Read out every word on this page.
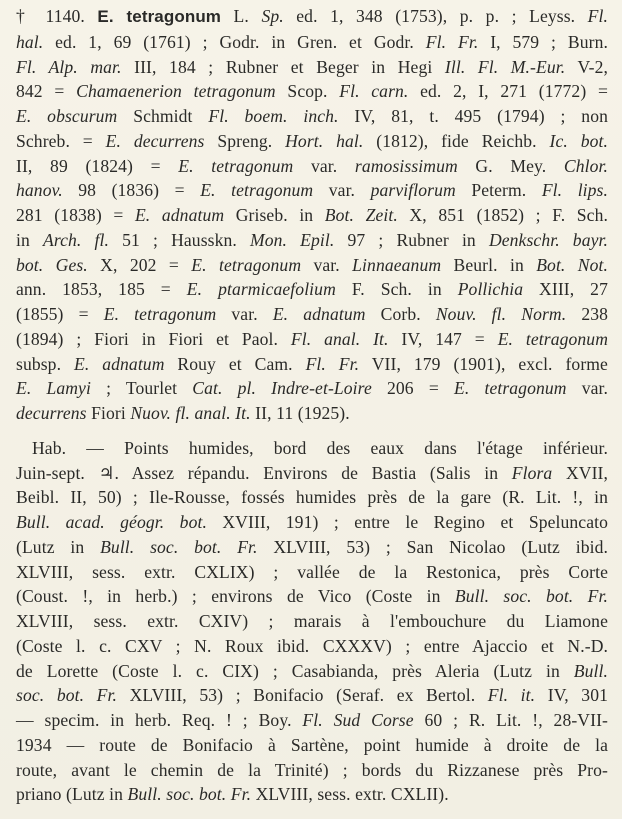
† 1140. E. tetragonum L. Sp. ed. 1, 348 (1753), p. p. ; Leyss. Fl.
hal. ed. 1, 69 (1761) ; Godr. in Gren. et Godr. Fl. Fr. I, 579 ; Burn.
Fl. Alp. mar. III, 184 ; Rubner et Beger in Hegi Ill. Fl. M.-Eur. V-2,
842 = Chamaenerion tetragonum Scop. Fl. carn. ed. 2, I, 271 (1772) =
E. obscurum Schmidt Fl. boem. inch. IV, 81, t. 495 (1794) ; non
Schreb. = E. decurrens Spreng. Hort. hal. (1812), fide Reichb. Ic. bot.
II, 89 (1824) = E. tetragonum var. ramosissimum G. Mey. Chlor.
hanov. 98 (1836) = E. tetragonum var. parviflorum Peterm. Fl. lips.
281 (1838) = E. adnatum Griseb. in Bot. Zeit. X, 851 (1852) ; F. Sch.
in Arch. fl. 51 ; Hausskn. Mon. Epil. 97 ; Rubner in Denkschr. bayr.
bot. Ges. X, 202 = E. tetragonum var. Linnaeanum Beurl. in Bot. Not.
ann. 1853, 185 = E. ptarmicaefolium F. Sch. in Pollichia XIII, 27
(1855) = E. tetragonum var. E. adnatum Corb. Nouv. fl. Norm. 238
(1894) ; Fiori in Fiori et Paol. Fl. anal. It. IV, 147 = E. tetragonum
subsp. E. adnatum Rouy et Cam. Fl. Fr. VII, 179 (1901), excl. forme
E. Lamyi ; Tourlet Cat. pl. Indre-et-Loire 206 = E. tetragonum var.
decurrens Fiori Nuov. fl. anal. It. II, 11 (1925).
Hab. — Points humides, bord des eaux dans l'étage inférieur.
Juin-sept. ♃. Assez répandu. Environs de Bastia (Salis in Flora XVII,
Beibl. II, 50) ; Ile-Rousse, fossés humides près de la gare (R. Lit. !, in
Bull. acad. géogr. bot. XVIII, 191) ; entre le Regino et Speluncato
(Lutz in Bull. soc. bot. Fr. XLVIII, 53) ; San Nicolao (Lutz ibid.
XLVIII, sess. extr. CXLIX) ; vallée de la Restonica, près Corte
(Coust. !, in herb.) ; environs de Vico (Coste in Bull. soc. bot. Fr.
XLVIII, sess. extr. CXIV) ; marais à l'embouchure du Liamone
(Coste l. c. CXV ; N. Roux ibid. CXXXV) ; entre Ajaccio et N.-D.
de Lorette (Coste l. c. CIX) ; Casabianda, près Aleria (Lutz in Bull.
soc. bot. Fr. XLVIII, 53) ; Bonifacio (Seraf. ex Bertol. Fl. it. IV, 301
— specim. in herb. Req. ! ; Boy. Fl. Sud Corse 60 ; R. Lit. !, 28-VII-
1934 — route de Bonifacio à Sartène, point humide à droite de la
route, avant le chemin de la Trinité) ; bords du Rizzanese près Pro-
priano (Lutz in Bull. soc. bot. Fr. XLVIII, sess. extr. CXLII).
